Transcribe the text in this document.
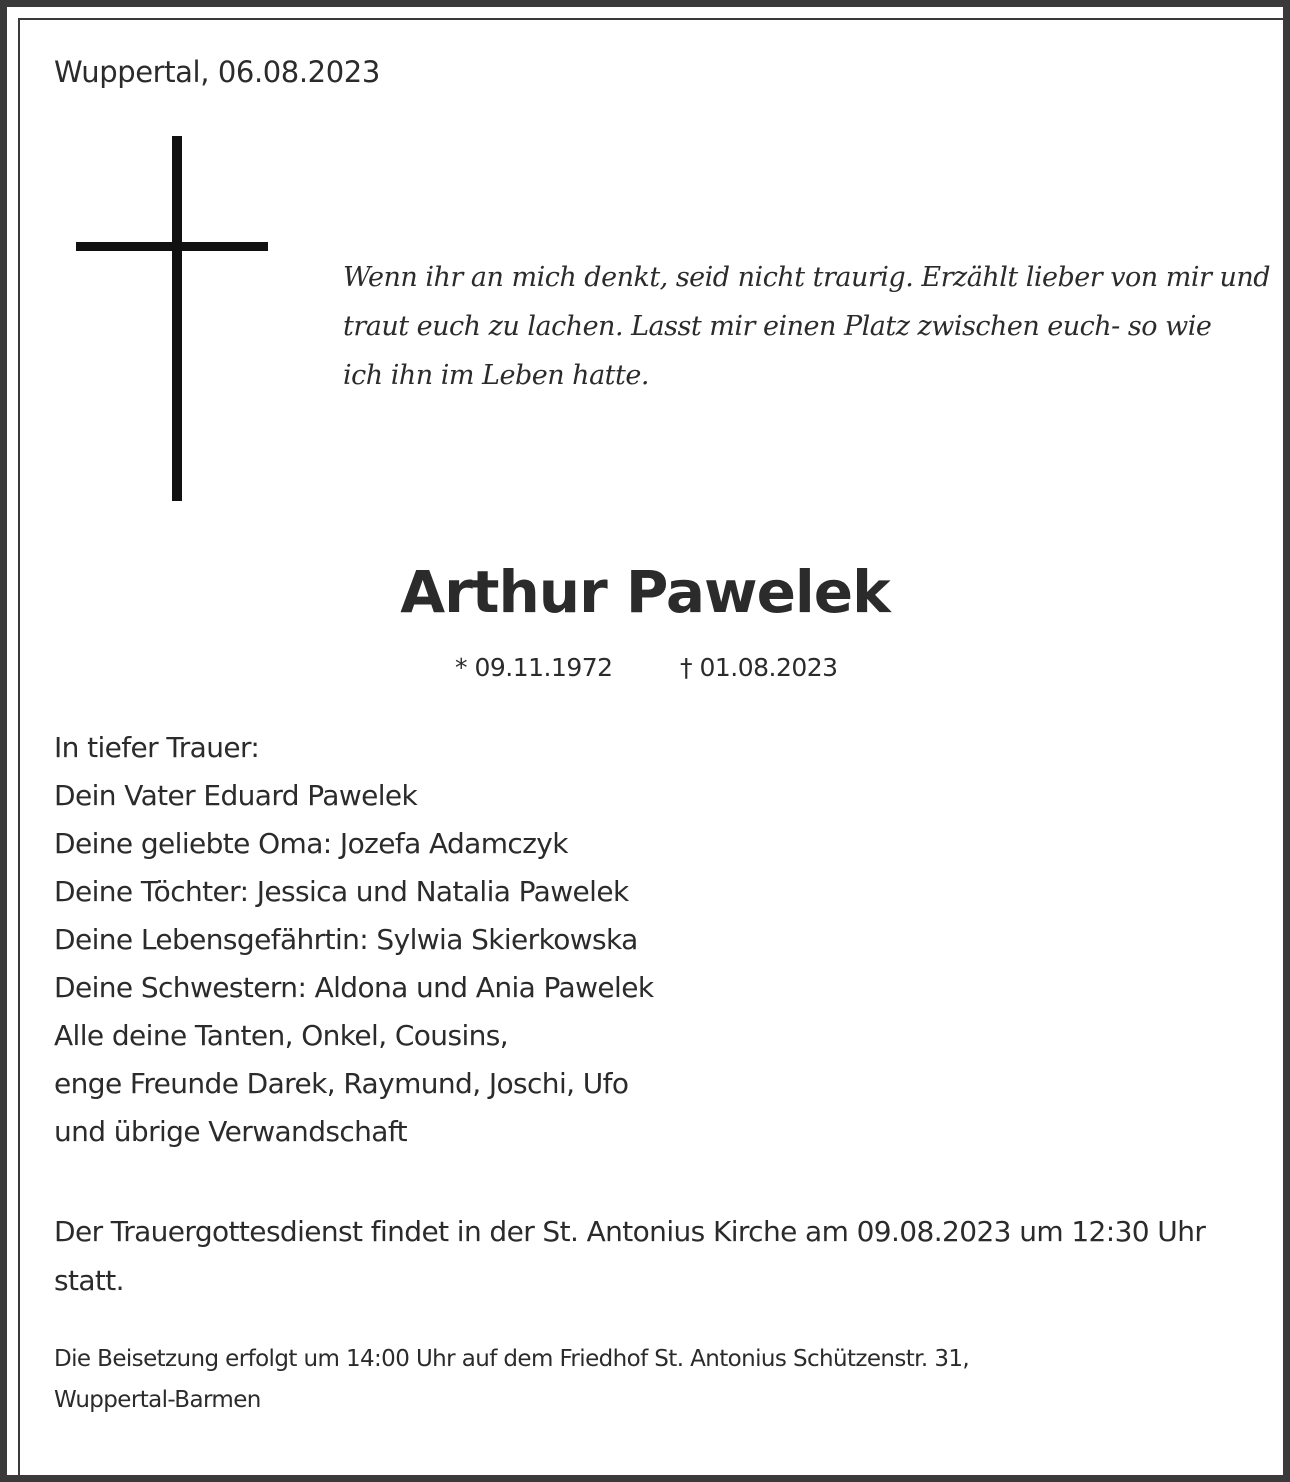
Wuppertal, 06.08.2023

Wenn ihr an mich denkt, seid nicht traurig. Erzählt lieber von mir und
traut euch zu lachen. Lasst mir einen Platz zwischen euch- so wie
ich ihn im Leben hatte.

Arthur Pawelek

* 09.11.1972	† 01.08.2023

In tiefer Trauer:
Dein Vater Eduard Pawelek
Deine geliebte Oma: Jozefa Adamczyk
Deine Töchter: Jessica und Natalia Pawelek
Deine Lebensgefährtin: Sylwia Skierkowska
Deine Schwestern: Aldona und Ania Pawelek
Alle deine Tanten, Onkel, Cousins,
enge Freunde Darek, Raymund, Joschi, Ufo
und übrige Verwandschaft
Der Trauergottesdienst findet in der St. Antonius Kirche am 09.08.2023 um 12:30 Uhr
statt.
Die Beisetzung erfolgt um 14:00 Uhr auf dem Friedhof St. Antonius Schützenstr. 31,
Wuppertal-Barmen
